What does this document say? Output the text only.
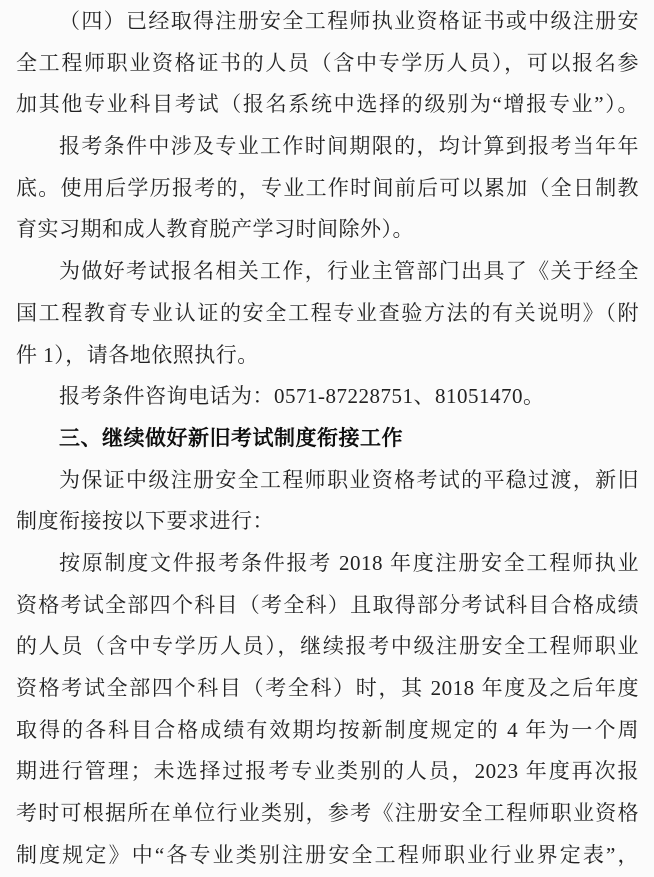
（四）已经取得注册安全工程师执业资格证书或中级注册安
全工程师职业资格证书的人员（含中专学历人员），可以报名参
加其他专业科目考试（报名系统中选择的级别为“增报专业”）。
报考条件中涉及专业工作时间期限的，均计算到报考当年年
底。使用后学历报考的，专业工作时间前后可以累加（全日制教
育实习期和成人教育脱产学习时间除外）。
为做好考试报名相关工作，行业主管部门出具了《关于经全
国工程教育专业认证的安全工程专业查验方法的有关说明》（附
件 1），请各地依照执行。
报考条件咨询电话为：0571-87228751、81051470。
三、继续做好新旧考试制度衔接工作
为保证中级注册安全工程师职业资格考试的平稳过渡，新旧
制度衔接按以下要求进行：
按原制度文件报考条件报考 2018 年度注册安全工程师执业
资格考试全部四个科目（考全科）且取得部分考试科目合格成绩
的人员（含中专学历人员），继续报考中级注册安全工程师职业
资格考试全部四个科目（考全科）时，其 2018 年度及之后年度
取得的各科目合格成绩有效期均按新制度规定的 4 年为一个周
期进行管理；未选择过报考专业类别的人员，2023 年度再次报
考时可根据所在单位行业类别，参考《注册安全工程师职业资格
制度规定》中“各专业类别注册安全工程师职业行业界定表”，
